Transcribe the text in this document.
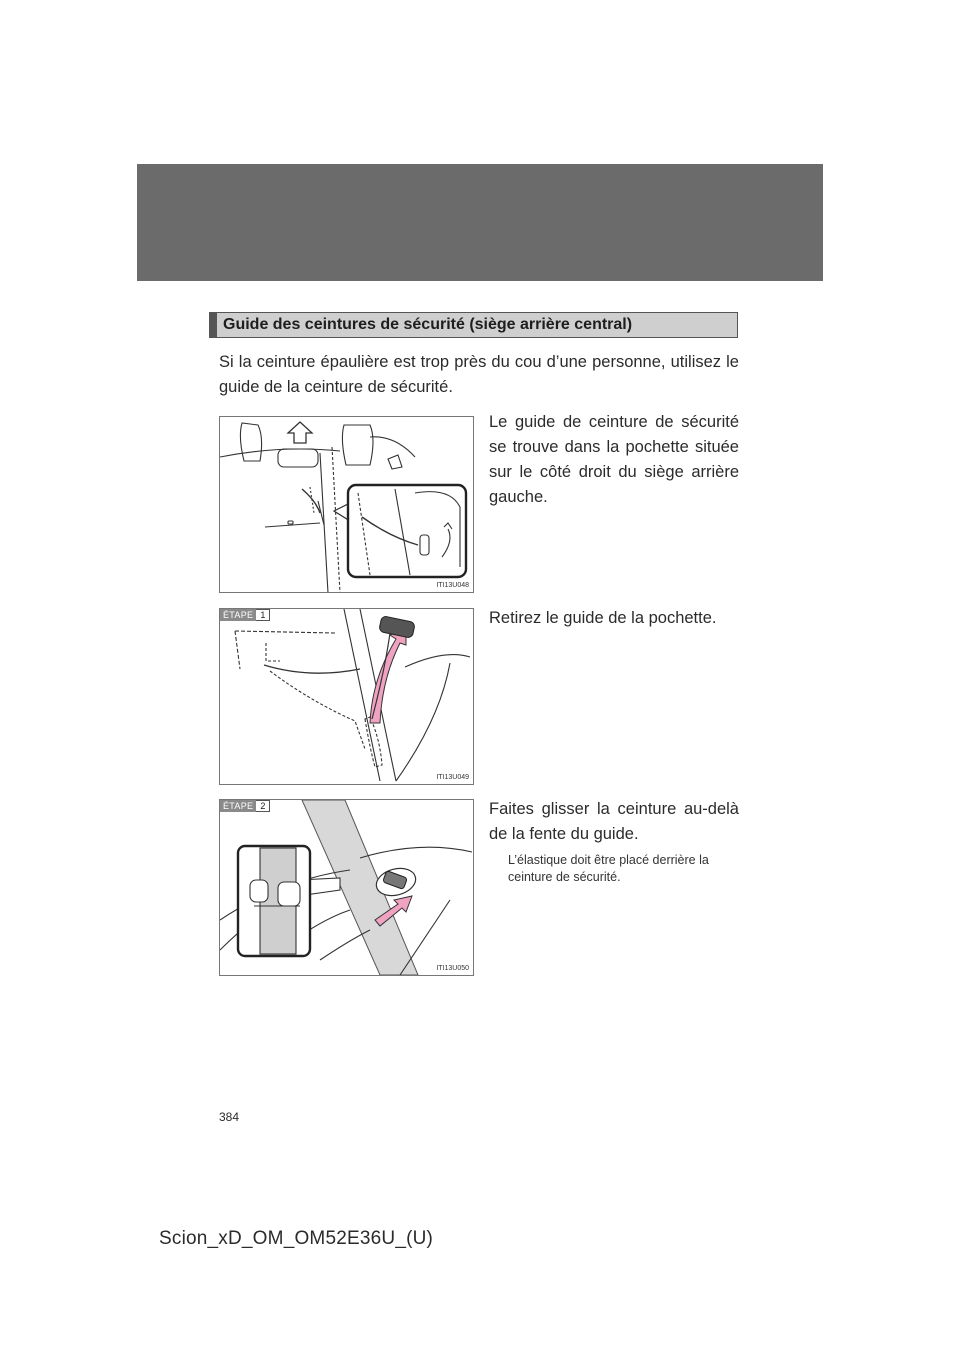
Guide des ceintures de sécurité (siège arrière central)
Si la ceinture épaulière est trop près du cou d’une personne, utilisez le guide de la ceinture de sécurité.
ITI13U048
Le guide de ceinture de sécurité se trouve dans la pochette située sur le côté droit du siège arrière gauche.
ÉTAPE 1
ITI13U049
Retirez le guide de la pochette.
ÉTAPE 2
ITI13U050
Faites glisser la ceinture au-delà de la fente du guide.
L’élastique doit être placé derrière la ceinture de sécurité.
384
Scion_xD_OM_OM52E36U_(U)
